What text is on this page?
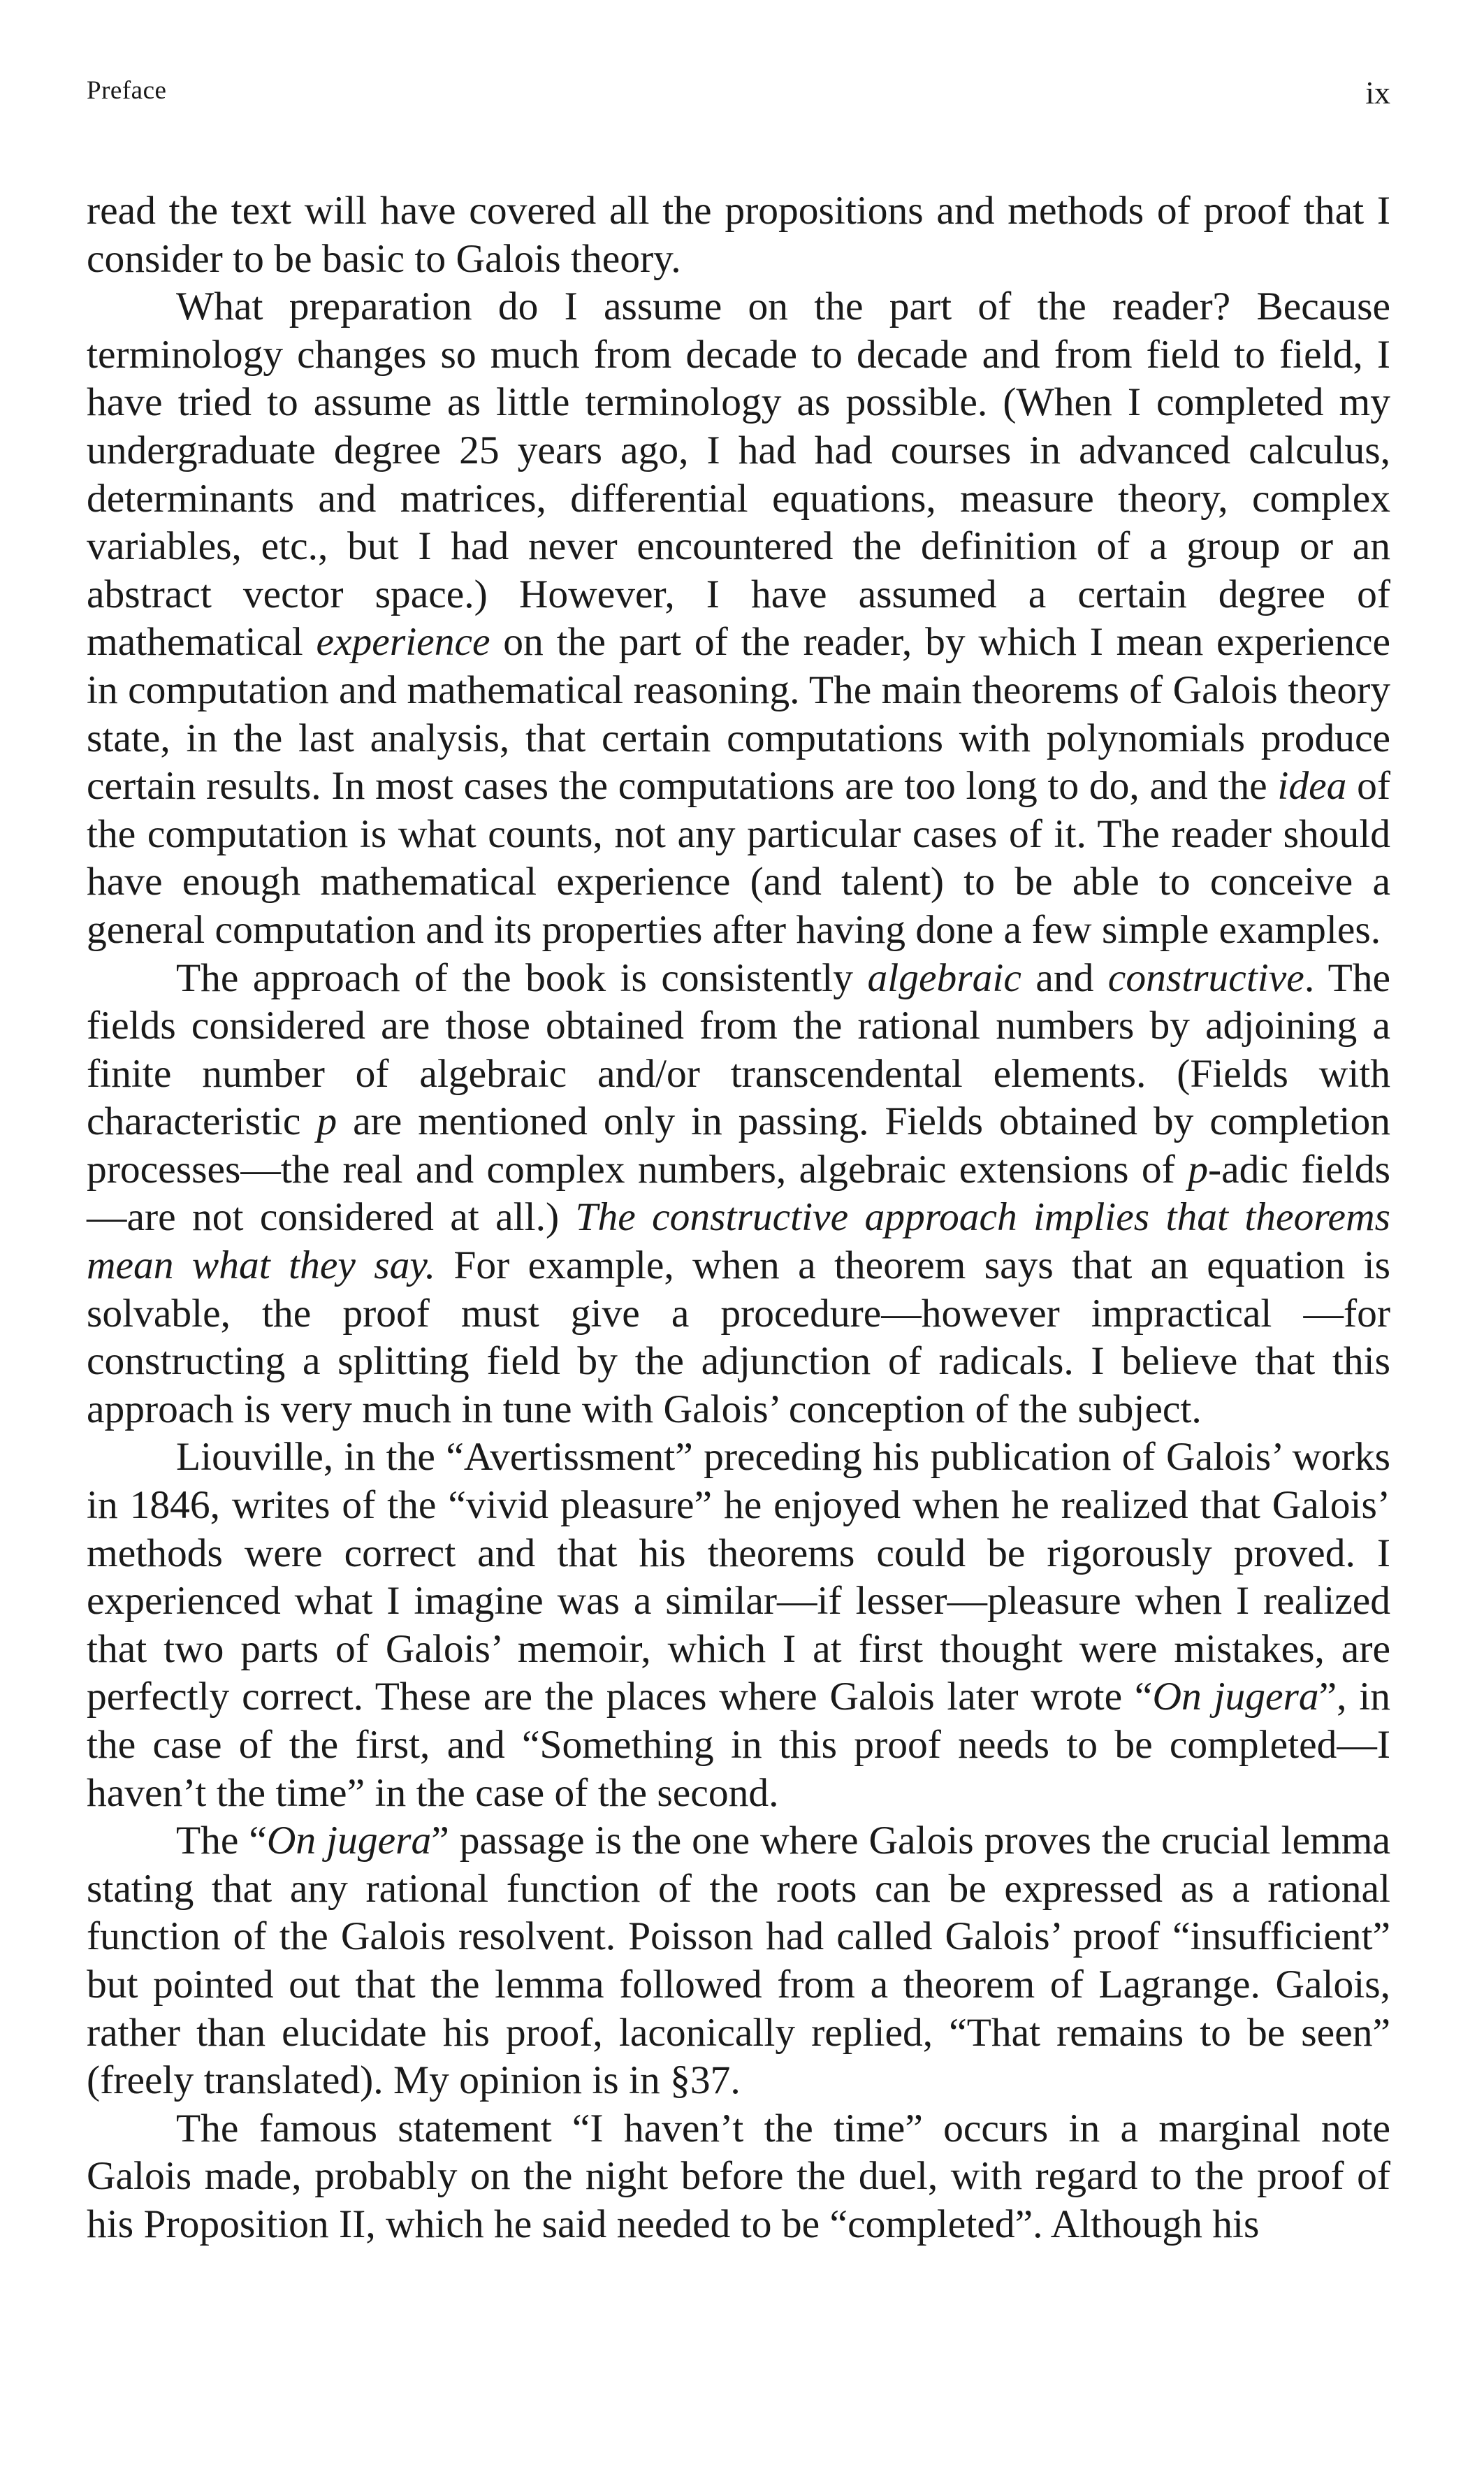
Preface	ix

read the text will have covered all the propositions and methods of proof that I consider to be basic to Galois theory.

What preparation do I assume on the part of the reader? Because terminology changes so much from decade to decade and from field to field, I have tried to assume as little terminology as possible. (When I completed my undergraduate degree 25 years ago, I had had courses in advanced calculus, determinants and matrices, differential equations, measure theory, complex variables, etc., but I had never encountered the definition of a group or an abstract vector space.) However, I have assumed a certain degree of mathematical experience on the part of the reader, by which I mean experience in computation and mathematical reasoning. The main theorems of Galois theory state, in the last analysis, that certain computations with polynomials produce certain results. In most cases the computations are too long to do, and the idea of the computation is what counts, not any particular cases of it. The reader should have enough mathematical experience (and talent) to be able to conceive a general computation and its properties after having done a few simple examples.

The approach of the book is consistently algebraic and constructive. The fields considered are those obtained from the rational numbers by adjoining a finite number of algebraic and/or transcendental elements. (Fields with characteristic p are mentioned only in passing. Fields obtained by completion processes—the real and complex numbers, algebraic extensions of p-adic fields—are not considered at all.) The constructive approach implies that theorems mean what they say. For example, when a theorem says that an equation is solvable, the proof must give a procedure—however impractical —for constructing a splitting field by the adjunction of radicals. I believe that this approach is very much in tune with Galois’ conception of the subject.

Liouville, in the “Avertissment” preceding his publication of Galois’ works in 1846, writes of the “vivid pleasure” he enjoyed when he realized that Galois’ methods were correct and that his theorems could be rigorously proved. I experienced what I imagine was a similar—if lesser—pleasure when I realized that two parts of Galois’ memoir, which I at first thought were mistakes, are perfectly correct. These are the places where Galois later wrote “On jugera”, in the case of the first, and “Something in this proof needs to be completed—I haven’t the time” in the case of the second.

The “On jugera” passage is the one where Galois proves the crucial lemma stating that any rational function of the roots can be expressed as a rational function of the Galois resolvent. Poisson had called Galois’ proof “insufficient” but pointed out that the lemma followed from a theorem of Lagrange. Galois, rather than elucidate his proof, laconically replied, “That remains to be seen” (freely translated). My opinion is in §37.

The famous statement “I haven’t the time” occurs in a marginal note Galois made, probably on the night before the duel, with regard to the proof of his Proposition II, which he said needed to be “completed”. Although his
